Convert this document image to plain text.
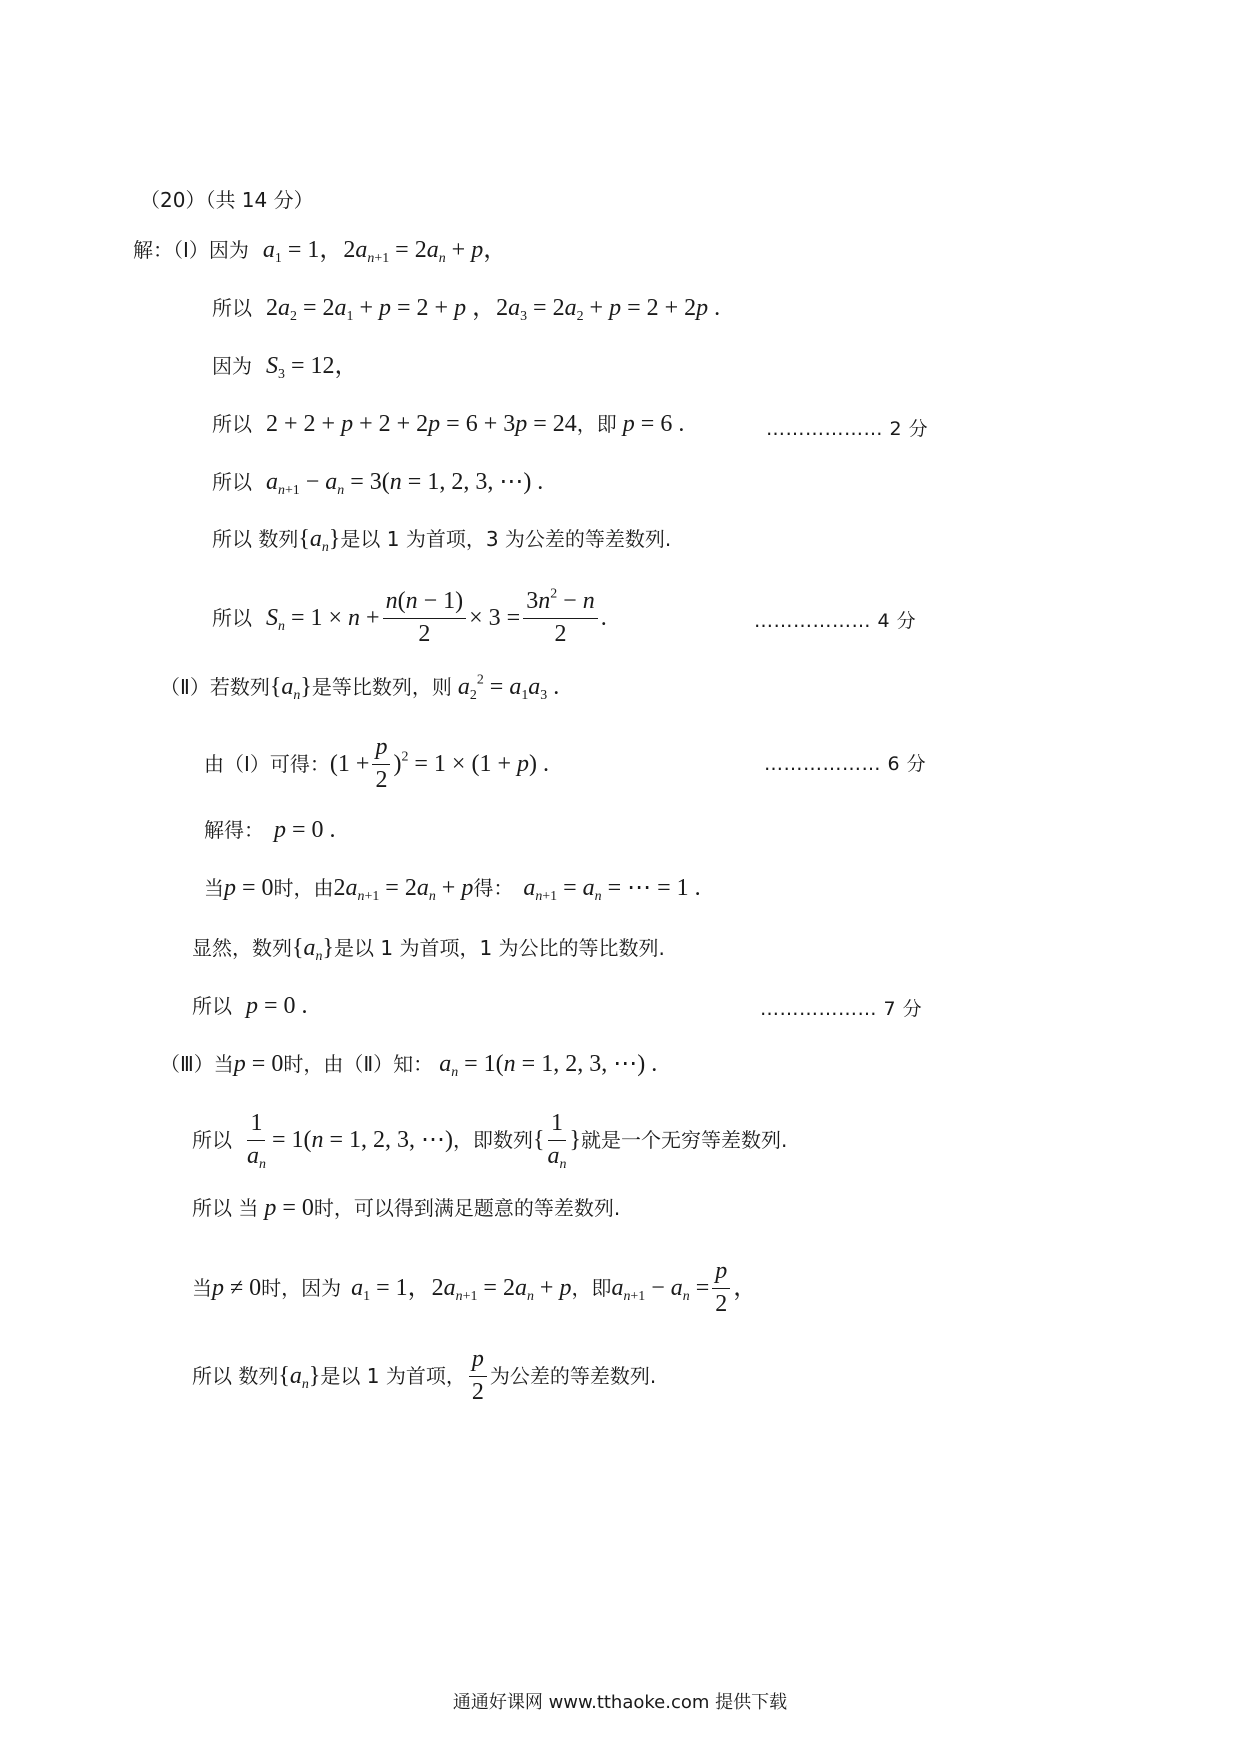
（20）（共 14 分）
解：（Ⅰ）因为 $a_1 = 1$，$2a_{n+1} = 2a_n + p$，
所以 $2a_2 = 2a_1 + p = 2 + p$ ，$2a_3 = 2a_2 + p = 2 + 2p$ .
因为 $S_3 = 12$，
所以 2 + 2 + p + 2 + 2p = 6 + 3p = 24 ，即 p = 6 .	……………… 2 分
所以 $a_{n+1} - a_n = 3(n = 1$, 2, 3, ⋯) .
所以 数列 $\{a_n\}$ 是以 1 为首项，3 为公差的等差数列.
所以 $S_n = 1 \times n + \frac{n(n - 1)}{2} \times 3 = \frac{3n^2 - n}{2}$ .	……………… 4 分
（Ⅱ）若数列 $\{a_n\}$ 是等比数列，则 $a_2^2 = a_1a_3$ .
由（Ⅰ）可得： $(1 + \frac{p}{2} )^2 = 1 \times (1 + p)$ .	……………… 6 分
解得： p = 0 .
当 p = 0 时，由 $2a_{n+1} = 2a_n + p$ 得： $a_{n+1} = a_n$ = ⋯ = 1 .
显然，数列 $\{a_n\}$ 是以 1 为首项，1 为公比的等比数列.
所以 p = 0 .	……………… 7 分
（Ⅲ）当 p = 0 时，由（Ⅱ）知： $a_n = 1(n = 1$, 2, 3, ⋯) .
所以 $\frac{1}{a_n} = 1(n = 1$, 2, 3, ⋯) ，即数列 { $\frac{1}{a_n}$ } 就是一个无穷等差数列.
所以 当 p = 0 时，可以得到满足题意的等差数列.
当 p ≠ 0 时，因为 $a_1 = 1$，$2a_{n+1} = 2a_n + p$ ，即 $a_{n+1} - a_n = \frac{p}{2}$ ，
所以 数列 $\{a_n\}$ 是以 1 为首项， $\frac{p}{2}$ 为公差的等差数列.
通通好课网 www.tthaoke.com 提供下载
